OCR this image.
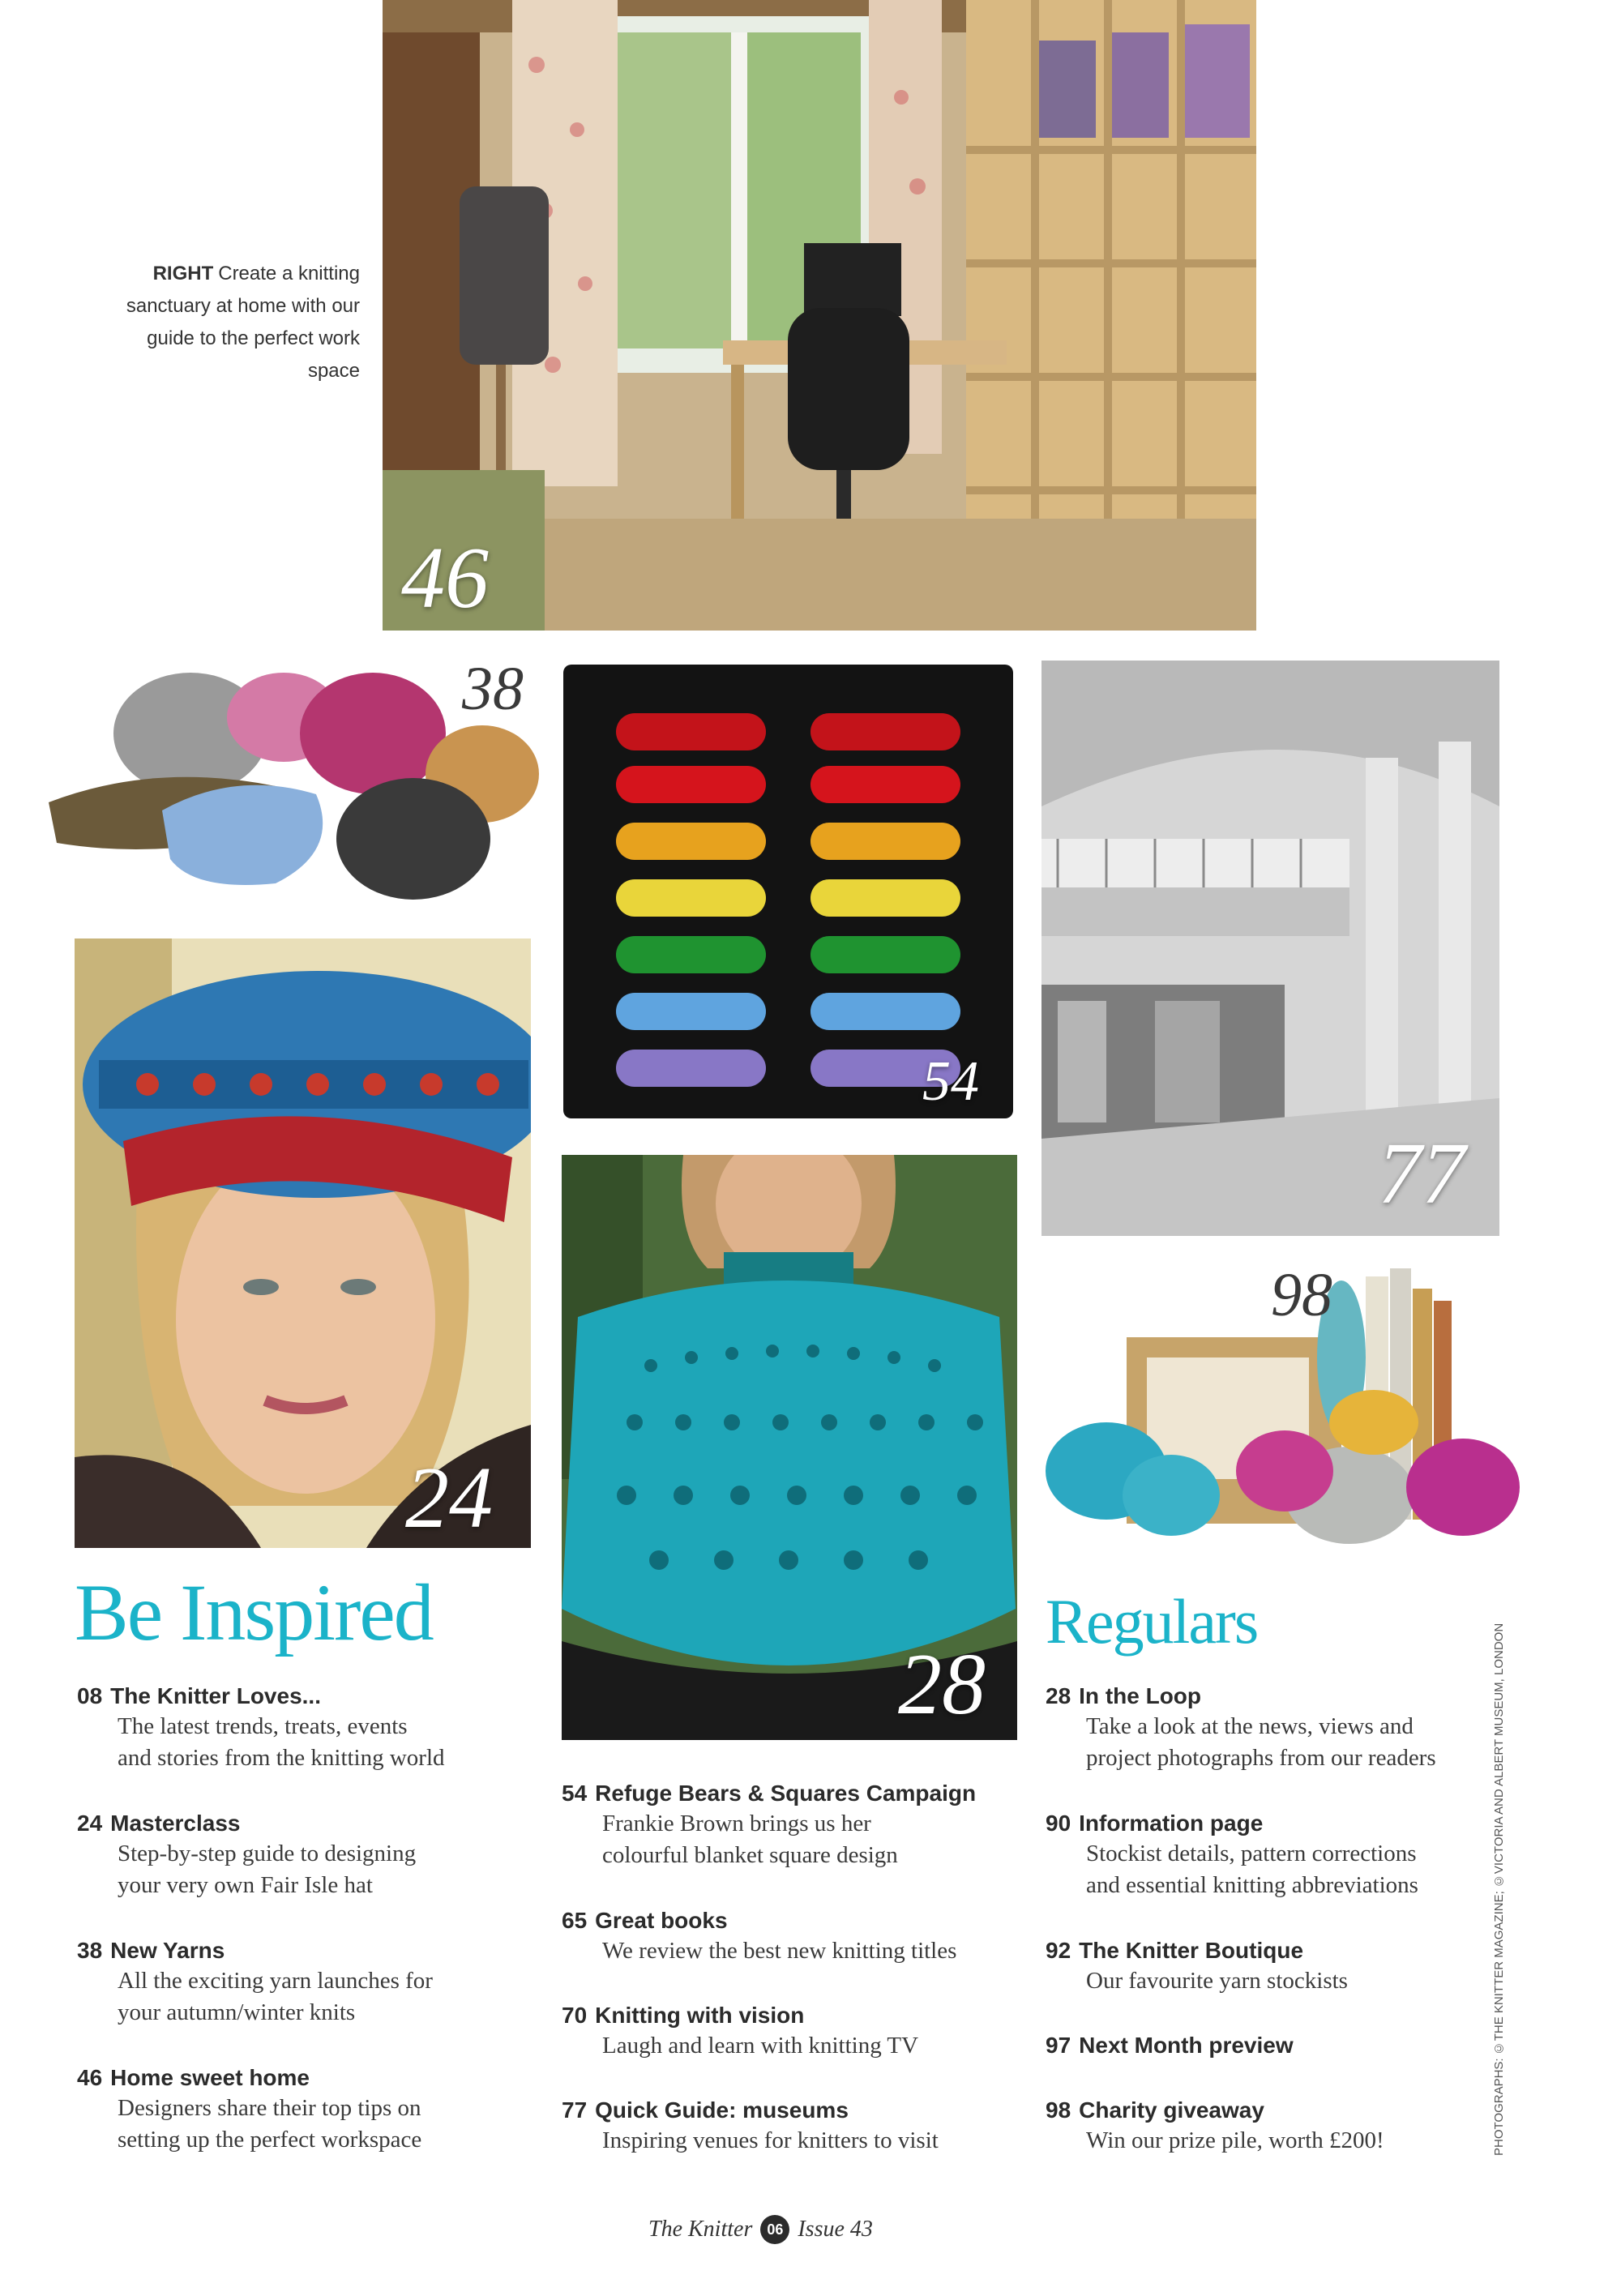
46
RIGHT Create a knitting sanctuary at home with our guide to the perfect work space
38
54
77
24
28
98
Be Inspired	Regulars
08 The Knitter Loves...
The latest trends, treats, events
and stories from the knitting world
24 Masterclass
Step-by-step guide to designing
your very own Fair Isle hat
38 New Yarns
All the exciting yarn launches for
your autumn/winter knits
46 Home sweet home
Designers share their top tips on
setting up the perfect workspace
54 Refuge Bears & Squares Campaign
Frankie Brown brings us her
colourful blanket square design
65 Great books
We review the best new knitting titles
70 Knitting with vision
Laugh and learn with knitting TV
77 Quick Guide: museums
Inspiring venues for knitters to visit
28 In the Loop
Take a look at the news, views and
project photographs from our readers
90 Information page
Stockist details, pattern corrections
and essential knitting abbreviations
92 The Knitter Boutique
Our favourite yarn stockists
97 Next Month preview
98 Charity giveaway
Win our prize pile, worth £200!	PHOTOGRAPHS: ©THE KNITTER MAGAZINE; ©VICTORIA AND ALBERT MUSEUM, LONDON
The Knitter 06 Issue 43
